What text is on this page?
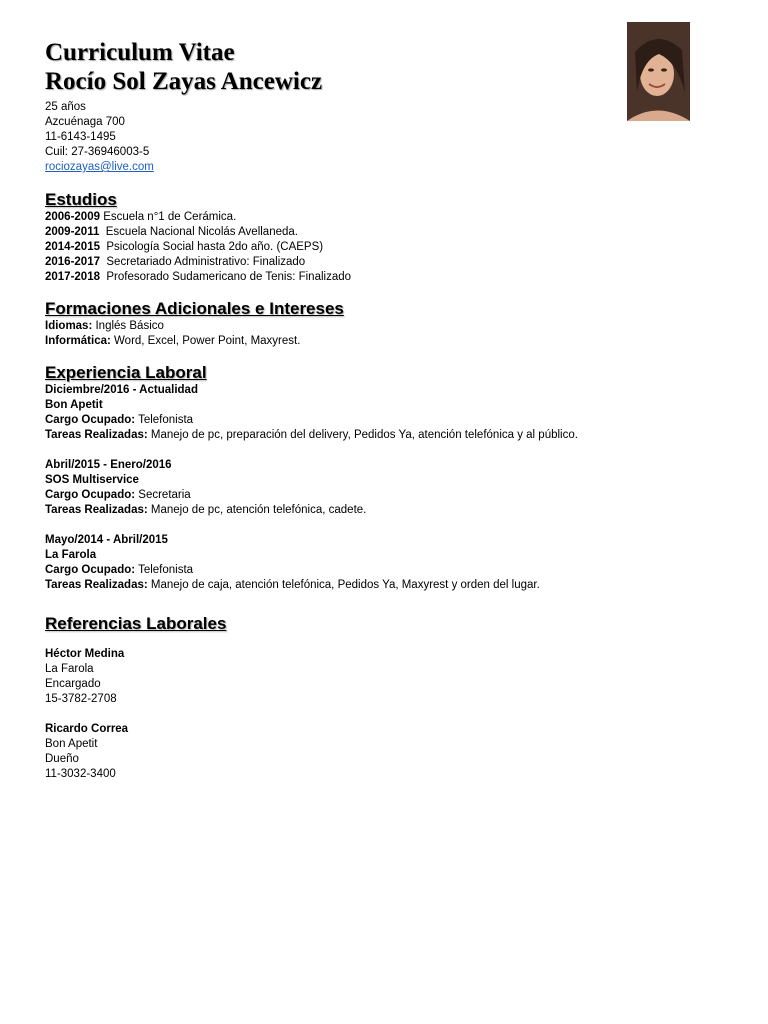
Curriculum Vitae
Rocío Sol Zayas Ancewicz
25 años
Azcuénaga 700
11-6143-1495
Cuil: 27-36946003-5
rociozayas@live.com
Estudios
2006-2009 Escuela n°1 de Cerámica.
2009-2011  Escuela Nacional Nicolás Avellaneda.
2014-2015  Psicología Social hasta 2do año. (CAEPS)
2016-2017  Secretariado Administrativo: Finalizado
2017-2018  Profesorado Sudamericano de Tenis: Finalizado
Formaciones Adicionales e Intereses
Idiomas: Inglés Básico
Informática: Word, Excel, Power Point, Maxyrest.
Experiencia Laboral
Diciembre/2016 - Actualidad
Bon Apetit
Cargo Ocupado: Telefonista
Tareas Realizadas: Manejo de pc, preparación del delivery, Pedidos Ya, atención telefónica y al público.
Abril/2015 - Enero/2016
SOS Multiservice
Cargo Ocupado: Secretaria
Tareas Realizadas: Manejo de pc, atención telefónica, cadete.
Mayo/2014 - Abril/2015
La Farola
Cargo Ocupado: Telefonista
Tareas Realizadas: Manejo de caja, atención telefónica, Pedidos Ya, Maxyrest y orden del lugar.
Referencias Laborales
Héctor Medina
La Farola
Encargado
15-3782-2708
Ricardo Correa
Bon Apetit
Dueño
11-3032-3400
